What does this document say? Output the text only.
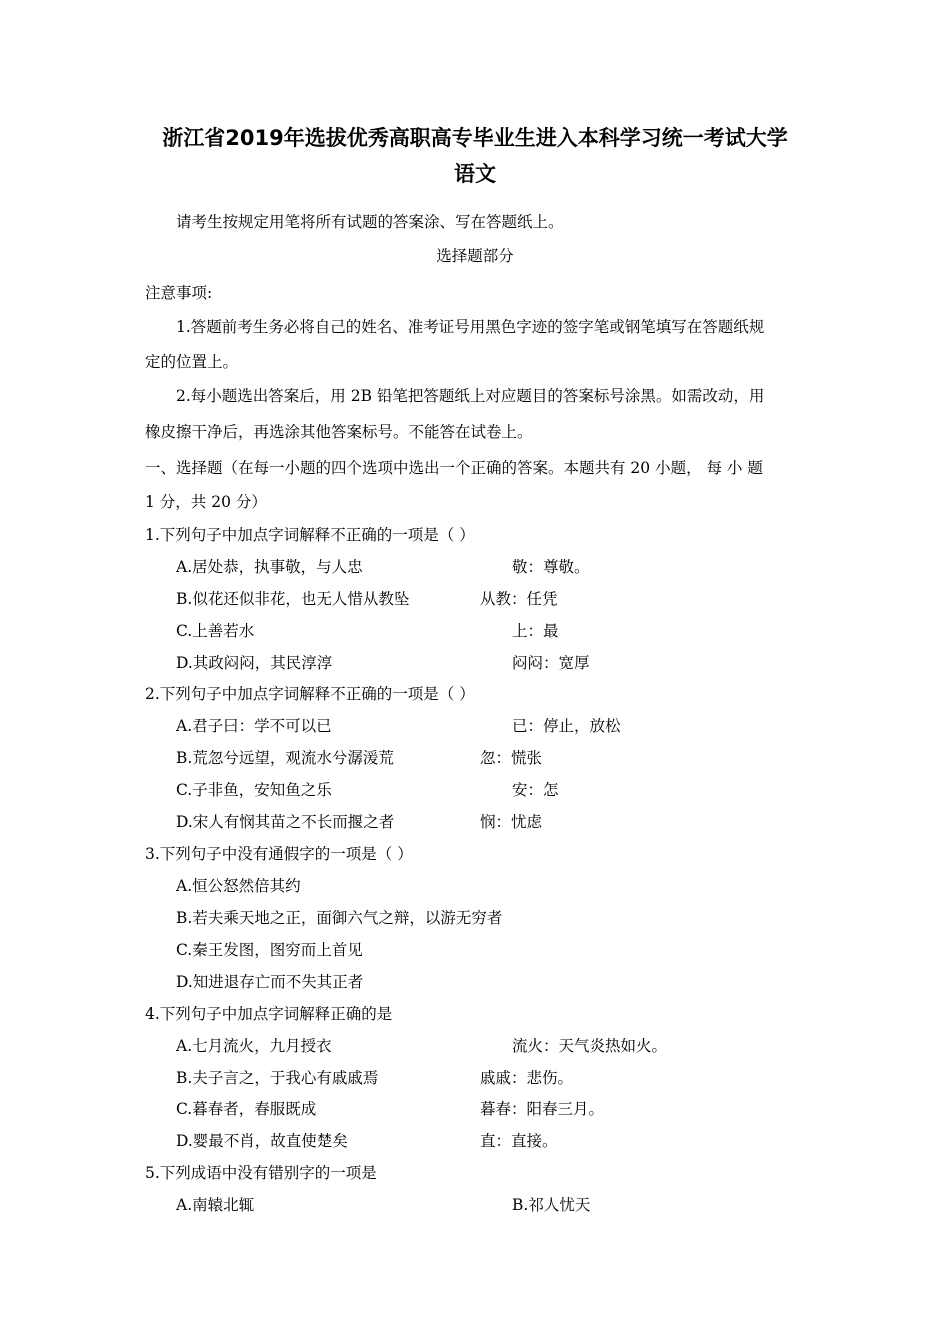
浙江省2019年选拔优秀高职高专毕业生进入本科学习统一考试大学
语文
请考生按规定用笔将所有试题的答案涂、写在答题纸上。
选择题部分
注意事项:
1.答题前考生务必将自己的姓名、准考证号用黑色字迹的签字笔或钢笔填写在答题纸规
定的位置上。
2.每小题选出答案后，用 2B 铅笔把答题纸上对应题目的答案标号涂黑。如需改动，用
橡皮擦干净后，再选涂其他答案标号。不能答在试卷上。
一、选择题（在每一小题的四个选项中选出一个正确的答案。本题共有 20 小题， 每 小 题
1 分，共 20 分）
1.下列句子中加点字词解释不正确的一项是（ ）
A.居处恭，执事敬，与人忠	敬：尊敬。
B.似花还似非花，也无人惜从教坠	从教：任凭
C.上善若水	上：最
D.其政闷闷，其民淳淳	闷闷：宽厚
2.下列句子中加点字词解释不正确的一项是（ ）
A.君子曰：学不可以已	已：停止，放松
B.荒忽兮远望，观流水兮潺湲荒	忽：慌张
C.子非鱼，安知鱼之乐	安：怎
D.宋人有悯其苗之不长而揠之者	悯：忧虑
3.下列句子中没有通假字的一项是（ ）
A.恒公怒然倍其约
B.若夫乘天地之正，面御六气之辩，以游无穷者
C.秦王发图，图穷而上首见
D.知进退存亡而不失其正者
4.下列句子中加点字词解释正确的是
A.七月流火，九月授衣	流火：天气炎热如火。
B.夫子言之，于我心有戚戚焉	戚戚：悲伤。
C.暮春者，春服既成	暮春：阳春三月。
D.婴最不肖，故直使楚矣	直：直接。
5.下列成语中没有错别字的一项是
A.南辕北辄	B.祁人忧天
